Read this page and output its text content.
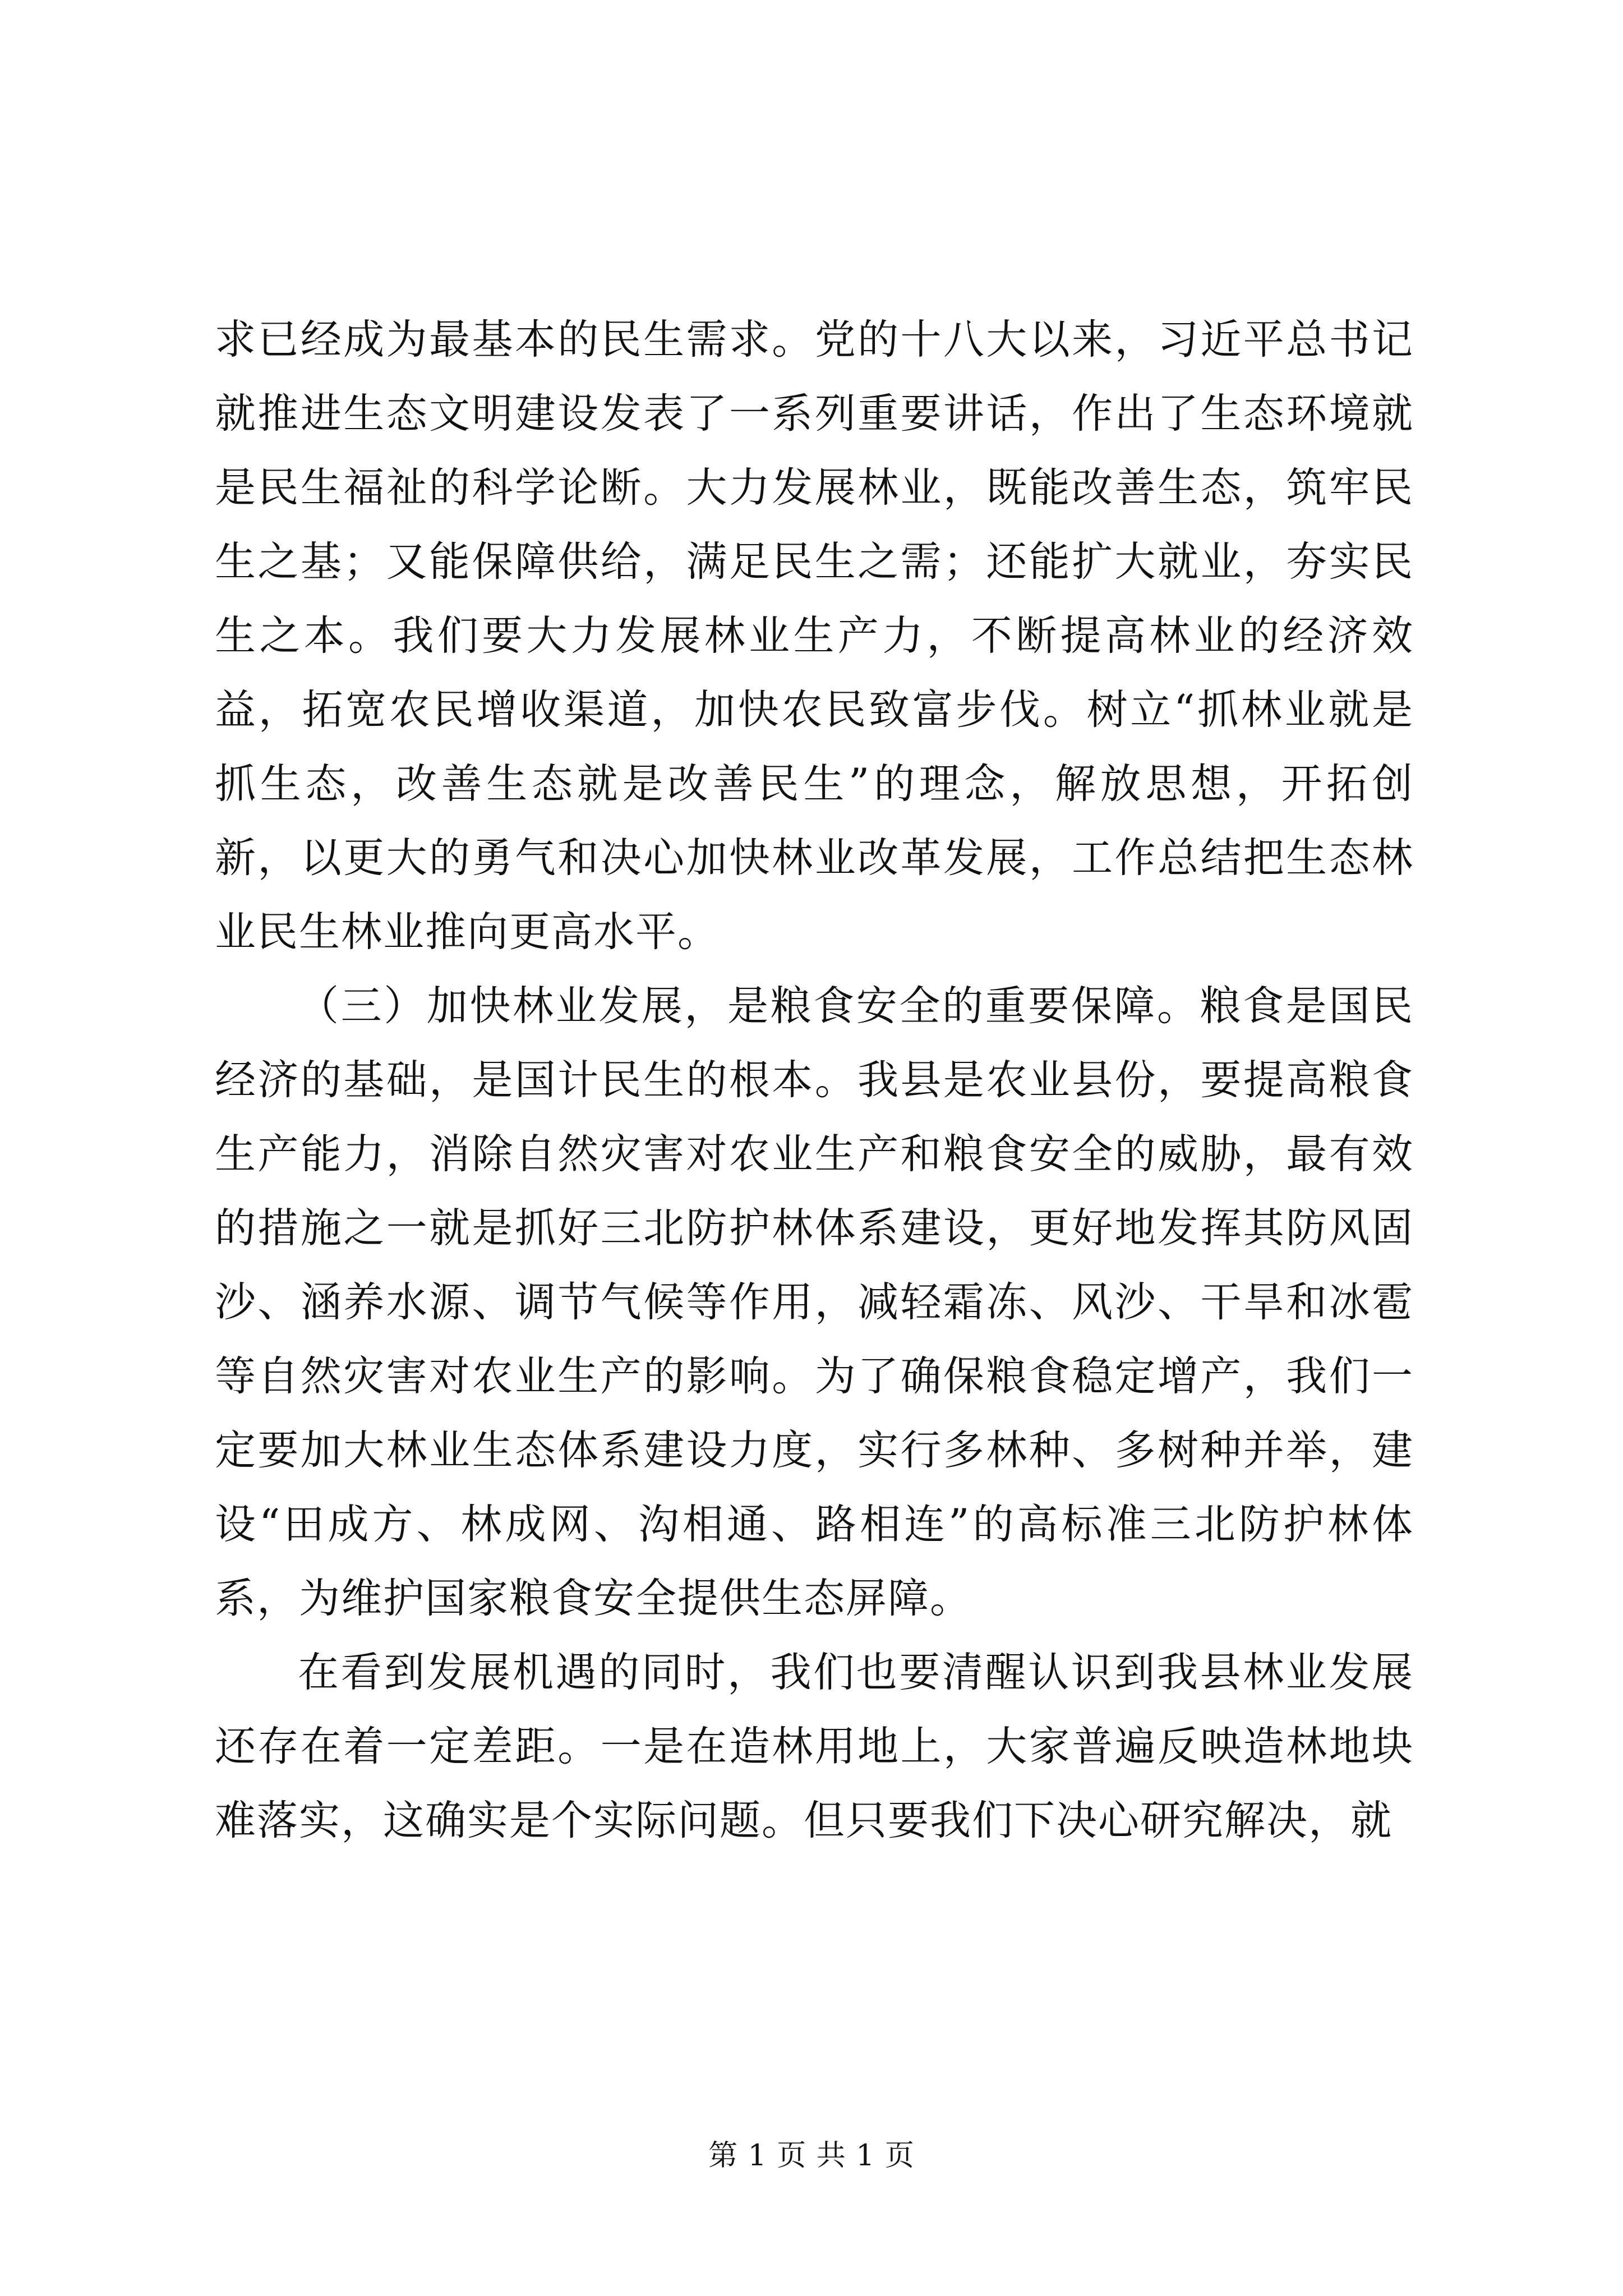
求已经成为最基本的民生需求。党的十八大以来，习近平总书记就推进生态文明建设发表了一系列重要讲话，作出了生态环境就是民生福祉的科学论断。大力发展林业，既能改善生态，筑牢民生之基；又能保障供给，满足民生之需；还能扩大就业，夯实民生之本。我们要大力发展林业生产力，不断提高林业的经济效益，拓宽农民增收渠道，加快农民致富步伐。树立“抓林业就是抓生态，改善生态就是改善民生”的理念，解放思想，开拓创新，以更大的勇气和决心加快林业改革发展，工作总结把生态林业民生林业推向更高水平。

（三）加快林业发展，是粮食安全的重要保障。粮食是国民经济的基础，是国计民生的根本。我县是农业县份，要提高粮食生产能力，消除自然灾害对农业生产和粮食安全的威胁，最有效的措施之一就是抓好三北防护林体系建设，更好地发挥其防风固沙、涵养水源、调节气候等作用，减轻霜冻、风沙、干旱和冰雹等自然灾害对农业生产的影响。为了确保粮食稳定增产，我们一定要加大林业生态体系建设力度，实行多林种、多树种并举，建设“田成方、林成网、沟相通、路相连”的高标准三北防护林体系，为维护国家粮食安全提供生态屏障。

在看到发展机遇的同时，我们也要清醒认识到我县林业发展还存在着一定差距。一是在造林用地上，大家普遍反映造林地块难落实，这确实是个实际问题。但只要我们下决心研究解决，就

第 1 页 共 1 页
